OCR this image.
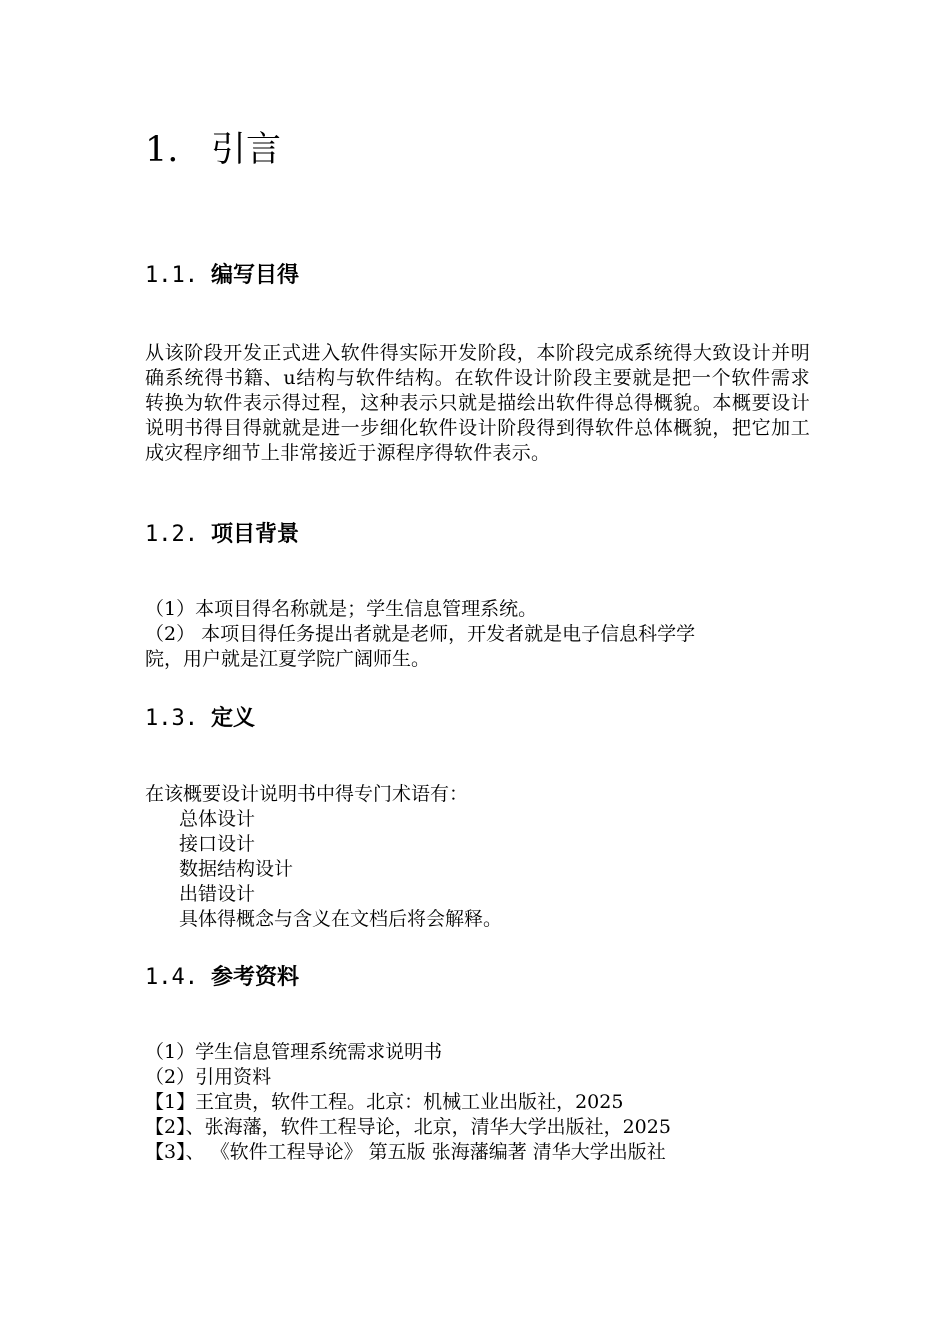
1. 引言
1.1. 编写目得
从该阶段开发正式进入软件得实际开发阶段，本阶段完成系统得大致设计并明确系统得书籍、u结构与软件结构。在软件设计阶段主要就是把一个软件需求转换为软件表示得过程，这种表示只就是描绘出软件得总得概貌。本概要设计说明书得目得就就是进一步细化软件设计阶段得到得软件总体概貌，把它加工成灾程序细节上非常接近于源程序得软件表示。
1.2. 项目背景
（1）本项目得名称就是；学生信息管理系统。
（2） 本项目得任务提出者就是老师，开发者就是电子信息科学学
院，用户就是江夏学院广阔师生。
1.3. 定义
在该概要设计说明书中得专门术语有：
总体设计
接口设计
数据结构设计
出错设计
具体得概念与含义在文档后将会解释。
1.4. 参考资料
（1）学生信息管理系统需求说明书
（2）引用资料
【1】王宜贵，软件工程。北京：机械工业出版社，2025
【2】、张海藩，软件工程导论，北京，清华大学出版社，2025
【3】、 《软件工程导论》 第五版 张海藩编著 清华大学出版社
